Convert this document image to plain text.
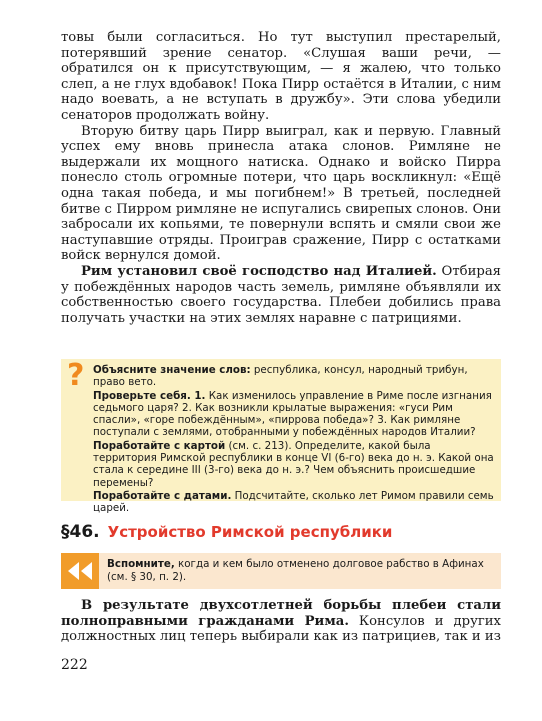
товы были согласиться. Но тут выступил престарелый, потерявший зрение сенатор. «Слушая ваши речи, — обратился он к присутствующим, — я жалею, что только слеп, а не глух вдобавок! Пока Пирр остаётся в Италии, с ним надо воевать, а не вступать в дружбу». Эти слова убедили сенаторов продолжать войну.

Вторую битву царь Пирр выиграл, как и первую. Главный успех ему вновь принесла атака слонов. Римляне не выдержали их мощного натиска. Однако и войско Пирра понесло столь огромные потери, что царь воскликнул: «Ещё одна такая победа, и мы погибнем!» В третьей, последней битве с Пирром римляне не испугались свирепых слонов. Они забросали их копьями, те повернули вспять и смяли свои же наступавшие отряды. Проиграв сражение, Пирр с остатками войск вернулся домой.

Рим установил своё господство над Италией. Отбирая у побеждённых народов часть земель, римляне объявляли их собственностью своего государства. Плебеи добились права получать участки на этих землях наравне с патрициями.

? Объясните значение слов: республика, консул, народный трибун, право вето.

Проверьте себя. 1. Как изменилось управление в Риме после изгнания седьмого царя? 2. Как возникли крылатые выражения: «гуси Рим спасли», «горе побеждённым», «пиррова победа»? 3. Как римляне поступали с землями, отобранными у побеждённых народов Италии?

Поработайте с картой (см. с. 213). Определите, какой была территория Римской республики в конце VI (6-го) века до н. э. Какой она стала к середине III (3-го) века до н. э.? Чем объяснить происшедшие перемены?

Поработайте с датами. Подсчитайте, сколько лет Римом правили семь царей.

§46. Устройство Римской республики
Вспомните, когда и кем было отменено долговое рабство в Афинах (см. § 30, п. 2).

В результате двухсотлетней борьбы плебеи стали полноправными гражданами Рима. Консулов и других должностных лиц теперь выбирали как из патрициев, так и из

222
